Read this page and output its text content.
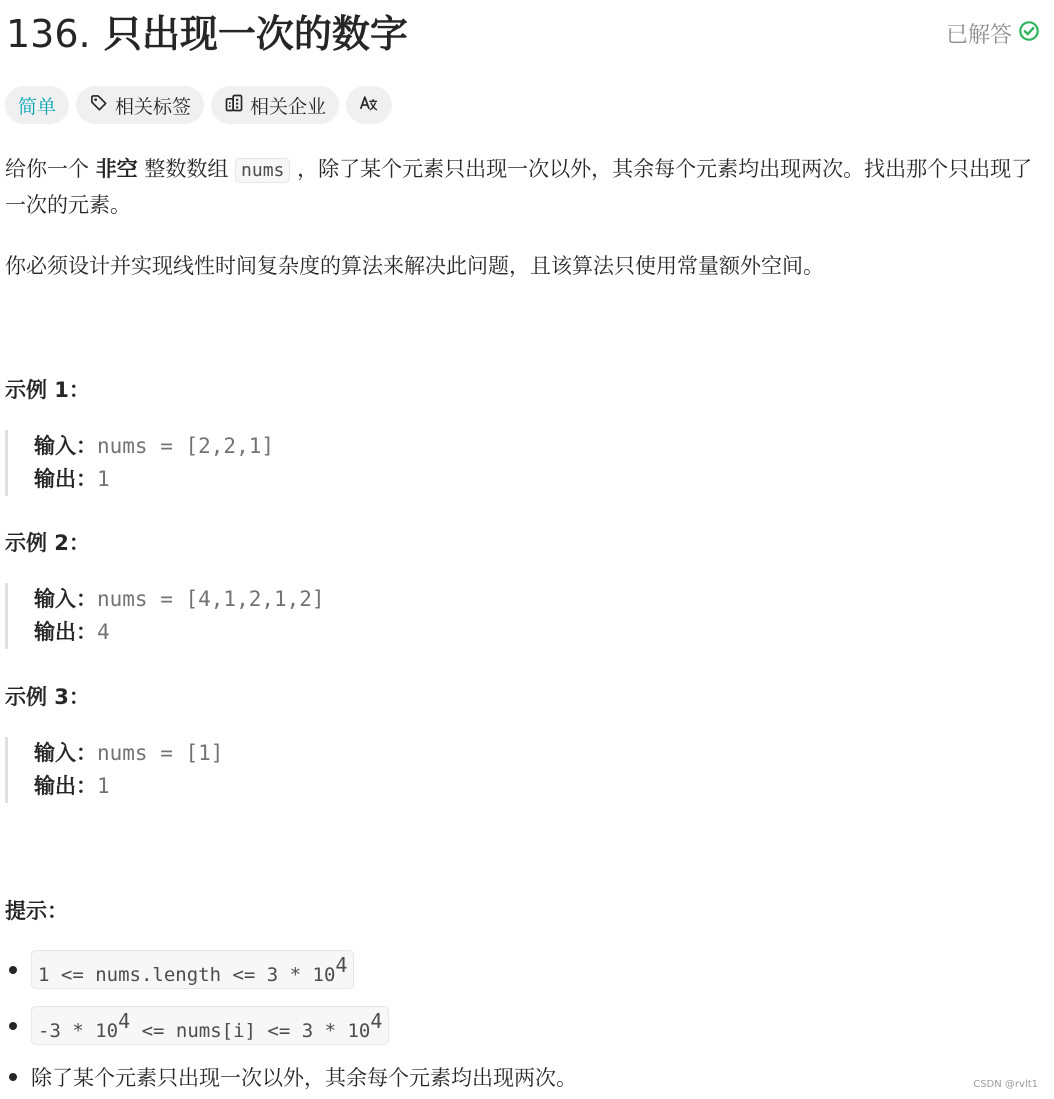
136. 只出现一次的数字	已解答
简单	相关标签	相关企业
给你一个 非空 整数数组 nums ，除了某个元素只出现一次以外，其余每个元素均出现两次。找出那个只出现了一次的元素。
你必须设计并实现线性时间复杂度的算法来解决此问题，且该算法只使用常量额外空间。
示例 1：
输入：nums = [2,2,1]
输出：1
示例 2：
输入：nums = [4,1,2,1,2]
输出：4
示例 3：
输入：nums = [1]
输出：1
提示：
1 <= nums.length <= $3 * 10^4$
$-3 * 10^4$ <= nums[i] <= $3 * 10^4$
除了某个元素只出现一次以外，其余每个元素均出现两次。	CSDN @rvlt1
